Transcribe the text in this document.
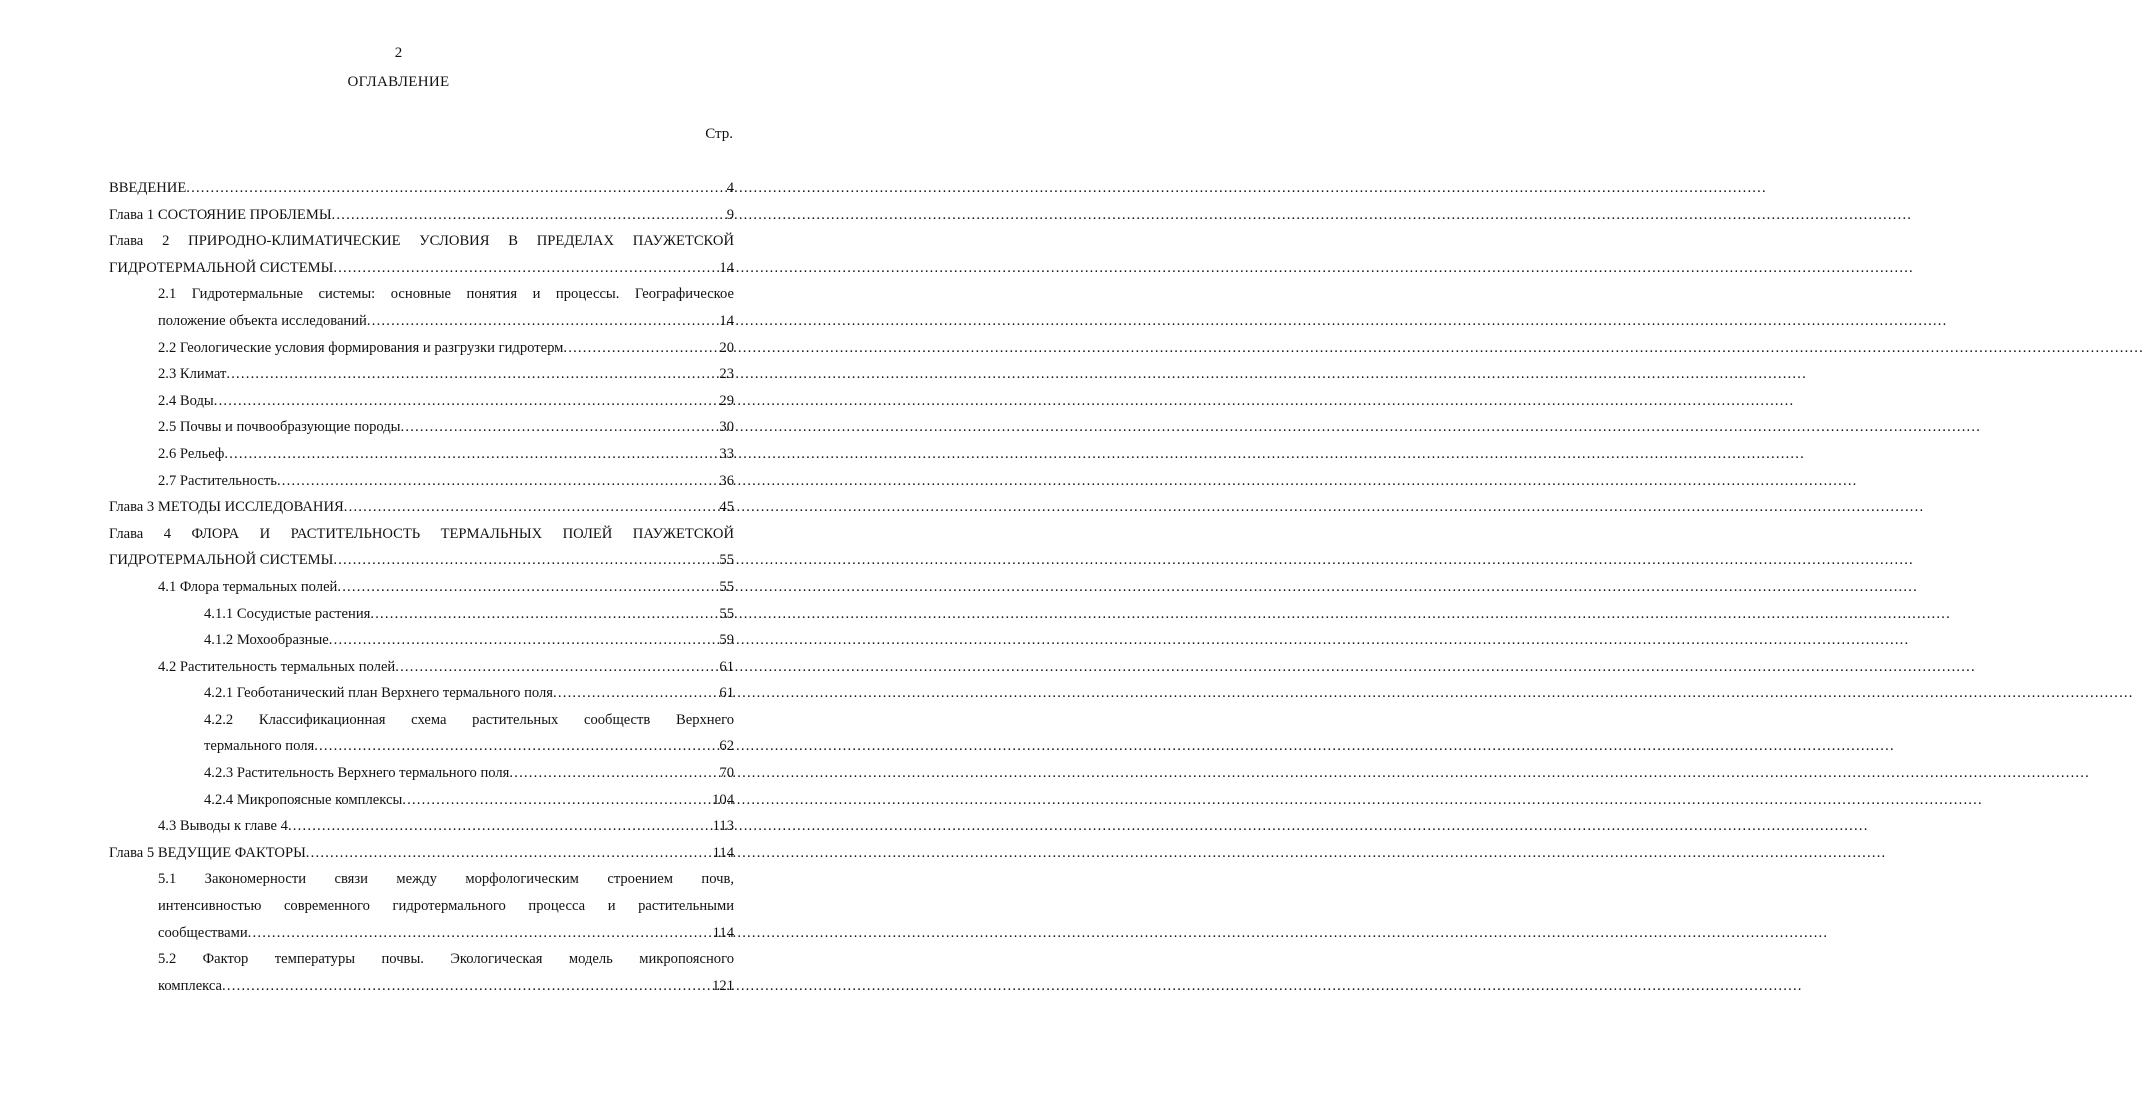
2
ОГЛАВЛЕНИЕ
Стр.
ВВЕДЕНИЕ .....	4
Глава 1 СОСТОЯНИЕ ПРОБЛЕМЫ .....	9
Глава 2 ПРИРОДНО-КЛИМАТИЧЕСКИЕ УСЛОВИЯ В ПРЕДЕЛАХ ПАУЖЕТСКОЙ
ГИДРОТЕРМАЛЬНОЙ СИСТЕМЫ .....	14
2.1 Гидротермальные системы: основные понятия и процессы. Географическое
положение объекта исследований .....	14
2.2 Геологические условия формирования и разгрузки гидротерм .....	20
2.3 Климат .....	23
2.4 Воды .....	29
2.5 Почвы и почвообразующие породы .....	30
2.6 Рельеф .....	33
2.7 Растительность .....	36
Глава 3 МЕТОДЫ ИССЛЕДОВАНИЯ .....	45
Глава 4 ФЛОРА И РАСТИТЕЛЬНОСТЬ ТЕРМАЛЬНЫХ ПОЛЕЙ ПАУЖЕТСКОЙ
ГИДРОТЕРМАЛЬНОЙ СИСТЕМЫ .....	55
4.1 Флора термальных полей .....	55
4.1.1 Сосудистые растения .....	55
4.1.2 Мохообразные .....	59
4.2 Растительность термальных полей .....	61
4.2.1 Геоботанический план Верхнего термального поля .....	61
4.2.2 Классификационная схема растительных сообществ Верхнего
термального поля .....	62
4.2.3 Растительность Верхнего термального поля .....	70
4.2.4 Микропоясные комплексы .....	104
4.3 Выводы к главе 4 .....	113
Глава 5 ВЕДУЩИЕ ФАКТОРЫ .....	114
5.1 Закономерности связи между морфологическим строением почв,
интенсивностью современного гидротермального процесса и растительными
сообществами .....	114
5.2 Фактор температуры почвы. Экологическая модель микропоясного
комплекса .....	121
